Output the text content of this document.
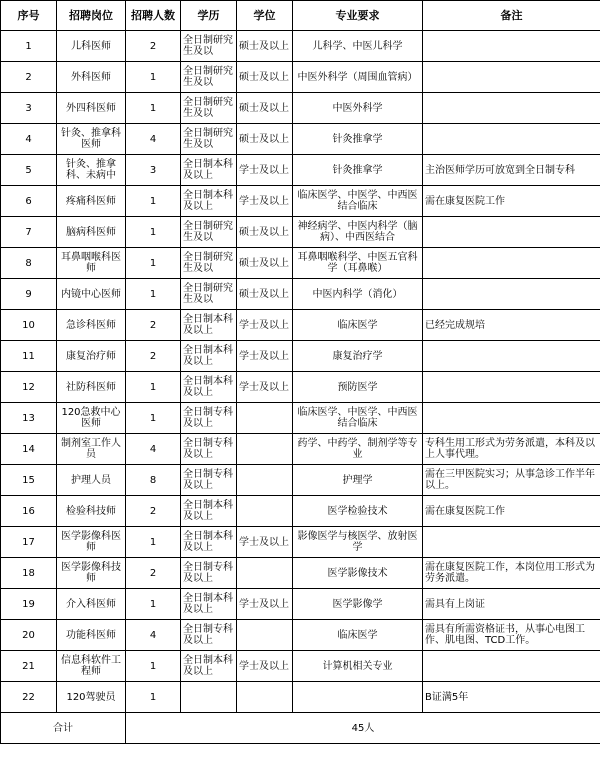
序号	招聘岗位	招聘人数	学历	学位	专业要求	备注
1	儿科医师	2	全日制研究生及以	硕士及以上	儿科学、中医儿科学	
2	外科医师	1	全日制研究生及以	硕士及以上	中医外科学（周围血管病）	
3	外四科医师	1	全日制研究生及以	硕士及以上	中医外科学	
4	针灸、推拿科医师	4	全日制研究生及以	硕士及以上	针灸推拿学	
5	针灸、推拿科、未病中	3	全日制本科及以上	学士及以上	针灸推拿学	主治医师学历可放宽到全日制专科
6	疼痛科医师	1	全日制本科及以上	学士及以上	临床医学、中医学、中西医结合临床	需在康复医院工作
7	脑病科医师	1	全日制研究生及以	硕士及以上	神经病学、中医内科学（脑病）、中西医结合	
8	耳鼻咽喉科医师	1	全日制研究生及以	硕士及以上	耳鼻咽喉科学、中医五官科学（耳鼻喉）	
9	内镜中心医师	1	全日制研究生及以	硕士及以上	中医内科学（消化）	
10	急诊科医师	2	全日制本科及以上	学士及以上	临床医学	已经完成规培
11	康复治疗师	2	全日制本科及以上	学士及以上	康复治疗学	
12	社防科医师	1	全日制本科及以上	学士及以上	预防医学	
13	120急救中心医师	1	全日制专科及以上		临床医学、中医学、中西医结合临床	
14	制剂室工作人员	4	全日制专科及以上		药学、中药学、制剂学等专业	专科生用工形式为劳务派遣，本科及以上人事代理。
15	护理人员	8	全日制专科及以上		护理学	需在三甲医院实习；从事急诊工作半年以上。
16	检验科技师	2	全日制本科及以上		医学检验技术	需在康复医院工作
17	医学影像科医师	1	全日制本科及以上	学士及以上	影像医学与核医学、放射医学	
18	医学影像科技师	2	全日制专科及以上		医学影像技术	需在康复医院工作，本岗位用工形式为劳务派遣。
19	介入科医师	1	全日制本科及以上	学士及以上	医学影像学	需具有上岗证
20	功能科医师	4	全日制专科及以上		临床医学	需具有所需资格证书，从事心电图工作、肌电图、TCD工作。
21	信息科软件工程师	1	全日制本科及以上	学士及以上	计算机相关专业	
22	120驾驶员	1				B证满5年
合计		45人				
